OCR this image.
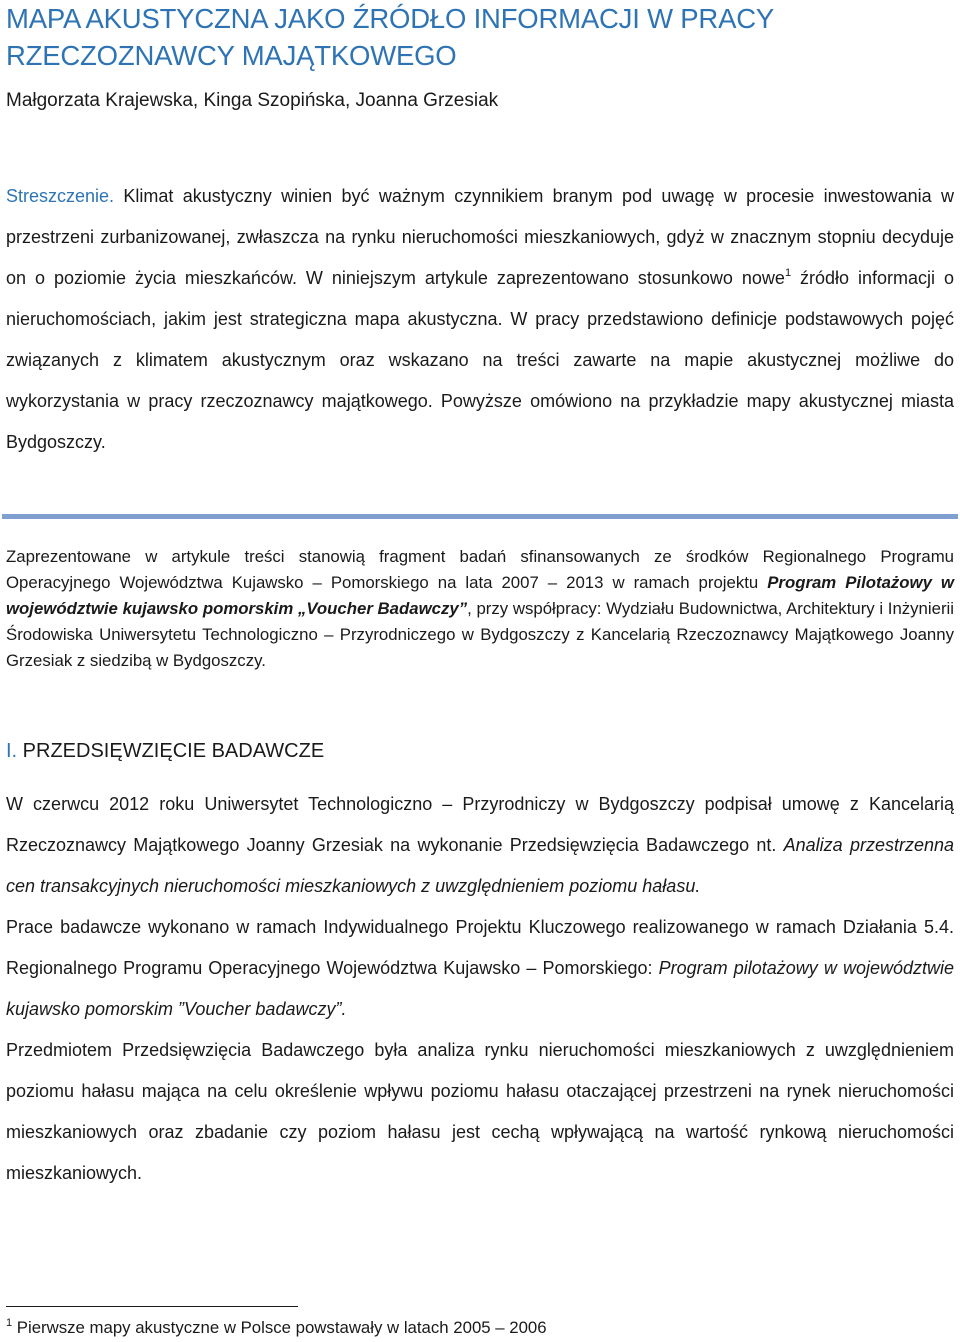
MAPA AKUSTYCZNA JAKO ŹRÓDŁO INFORMACJI W PRACY RZECZOZNAWCY MAJĄTKOWEGO

Małgorzata Krajewska, Kinga Szopińska, Joanna Grzesiak

Streszczenie. Klimat akustyczny winien być ważnym czynnikiem branym pod uwagę w procesie inwestowania w przestrzeni zurbanizowanej, zwłaszcza na rynku nieruchomości mieszkaniowych, gdyż w znacznym stopniu decyduje on o poziomie życia mieszkańców. W niniejszym artykule zaprezentowano stosunkowo nowe$^1$ źródło informacji o nieruchomościach, jakim jest strategiczna mapa akustyczna. W pracy przedstawiono definicje podstawowych pojęć związanych z klimatem akustycznym oraz wskazano na treści zawarte na mapie akustycznej możliwe do wykorzystania w pracy rzeczoznawcy majątkowego. Powyższe omówiono na przykładzie mapy akustycznej miasta Bydgoszczy.

Zaprezentowane w artykule treści stanowią fragment badań sfinansowanych ze środków Regionalnego Programu Operacyjnego Województwa Kujawsko – Pomorskiego na lata 2007 – 2013 w ramach projektu Program Pilotażowy w województwie kujawsko pomorskim „Voucher Badawczy”, przy współpracy: Wydziału Budownictwa, Architektury i Inżynierii Środowiska Uniwersytetu Technologiczno – Przyrodniczego w Bydgoszczy z Kancelarią Rzeczoznawcy Majątkowego Joanny Grzesiak z siedzibą w Bydgoszczy.

I. PRZEDSIĘWZIĘCIE BADAWCZE

W czerwcu 2012 roku Uniwersytet Technologiczno – Przyrodniczy w Bydgoszczy podpisał umowę z Kancelarią Rzeczoznawcy Majątkowego Joanny Grzesiak na wykonanie Przedsięwzięcia Badawczego nt. Analiza przestrzenna cen transakcyjnych nieruchomości mieszkaniowych z uwzględnieniem poziomu hałasu.

Prace badawcze wykonano w ramach Indywidualnego Projektu Kluczowego realizowanego w ramach Działania 5.4. Regionalnego Programu Operacyjnego Województwa Kujawsko – Pomorskiego: Program pilotażowy w województwie kujawsko pomorskim ”Voucher badawczy”.

Przedmiotem Przedsięwzięcia Badawczego była analiza rynku nieruchomości mieszkaniowych z uwzględnieniem poziomu hałasu mająca na celu określenie wpływu poziomu hałasu otaczającej przestrzeni na rynek nieruchomości mieszkaniowych oraz zbadanie czy poziom hałasu jest cechą wpływającą na wartość rynkową nieruchomości mieszkaniowych.

$^1$ Pierwsze mapy akustyczne w Polsce powstawały w latach 2005 – 2006
